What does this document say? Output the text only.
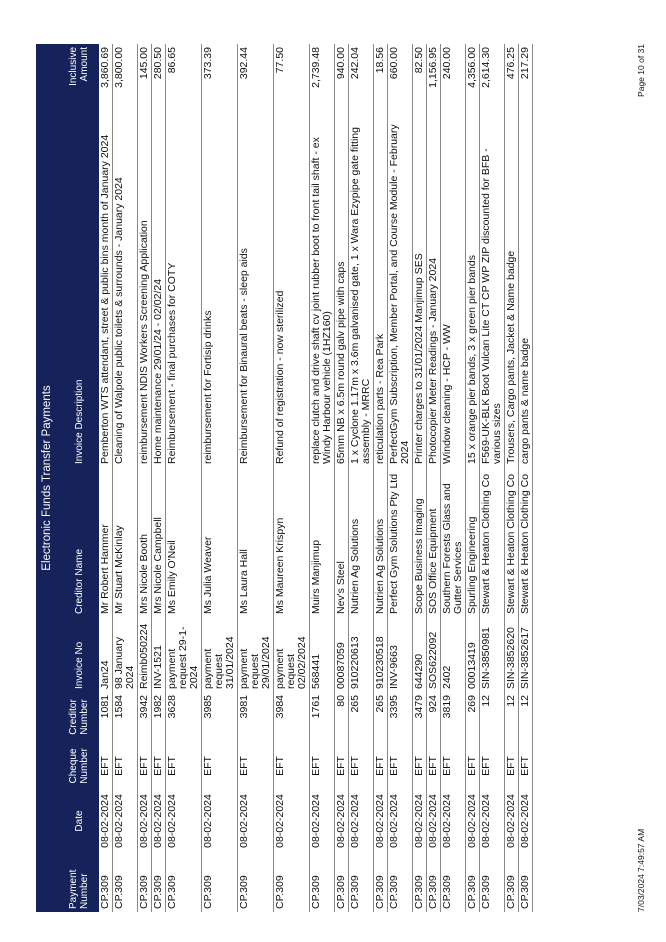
Electronic Funds Transfer Payments
Payment Number	Date	Cheque Number	Creditor Number	Invoice No	Creditor Name	Invoice Description	Inclusive Amount
CP.309	08-02-2024	EFT	1081	Jan24	Mr Robert Hammer	Pemberton WTS attendant, street & public bins month of January 2024	3,860.69
CP.309	08-02-2024	EFT	1584	98 January 2024	Mr Stuart McKinlay	Cleaning of Walpole public toilets & surrounds - January 2024	3,800.00
CP.309	08-02-2024	EFT	3942	Reimb050224	Mrs Nicole Booth	reimbursement NDIS Workers Screening Application	145.00
CP.309	08-02-2024	EFT	1982	INV-1521	Mrs Nicole Campbell	Home maintenance 29/01/24 - 02/02/24	280.50
CP.309	08-02-2024	EFT	3628	payment request 29-1-2024	Ms Emily O'Neil	Reimbursement - final purchases for COTY	86.65
CP.309	08-02-2024	EFT	3985	payment request 31/01/2024	Ms Julia Weaver	reimbursement for Fortisip drinks	373.39
CP.309	08-02-2024	EFT	3981	payment request 29/01/2024	Ms Laura Hall	Reimbursement for Binaural beats - sleep aids	392.44
CP.309	08-02-2024	EFT	3984	payment request 02/02/2024	Ms Maureen Krispyn	Refund of registration - now sterilized	77.50
CP.309	08-02-2024	EFT	1761	568441	Muirs Manjimup	replace clutch and drive shaft cv joint rubber boot to front tail shaft - ex Windy Harbour vehicle (1HZ160)	2,739.48
CP.309	08-02-2024	EFT	80	00087059	Nev's Steel	65mm NB x 6.5m round galv pipe with caps	940.00
CP.309	08-02-2024	EFT	265	910220613	Nutrien Ag Solutions	1 x Cyclone 1.17m x 3.6m galvanised gate, 1 x Wara Ezypipe gate fitting assembly - MRRC	242.04
CP.309	08-02-2024	EFT	265	910230518	Nutrien Ag Solutions	reticulation parts - Rea Park	18.56
CP.309	08-02-2024	EFT	3395	INV-9663	Perfect Gym Solutions Pty Ltd	PerfectGym Subscription, Member Portal, and Course Module - February 2024	660.00
CP.309	08-02-2024	EFT	3479	644290	Scope Business Imaging	Printer charges to 31/01/2024 Manjimup SES	82.50
CP.309	08-02-2024	EFT	924	SOS622092	SOS Office Equipment	Photocopier Meter Readings - January 2024	1,156.95
CP.309	08-02-2024	EFT	3819	2402	Southern Forests Glass and Gutter Services	Window cleaning - HCP - WW	240.00
CP.309	08-02-2024	EFT	269	00013419	Spurling Engineering	15 x orange pier bands, 3 x green pier bands	4,356.00
CP.309	08-02-2024	EFT	12	SIN-3850981	Stewart & Heaton Clothing Co	F569-UK-BLK Boot Vulcan Lite CT CP WP ZIP discounted for BFB - various sizes	2,614.30
CP.309	08-02-2024	EFT	12	SIN-3852620	Stewart & Heaton Clothing Co	Trousers, Cargo pants, Jacket & Name badge	476.25
CP.309	08-02-2024	EFT	12	SIN-3852617	Stewart & Heaton Clothing Co	cargo pants & name badge	217.29
7/03/2024 7:49:57 AM
Page 10 of 31
